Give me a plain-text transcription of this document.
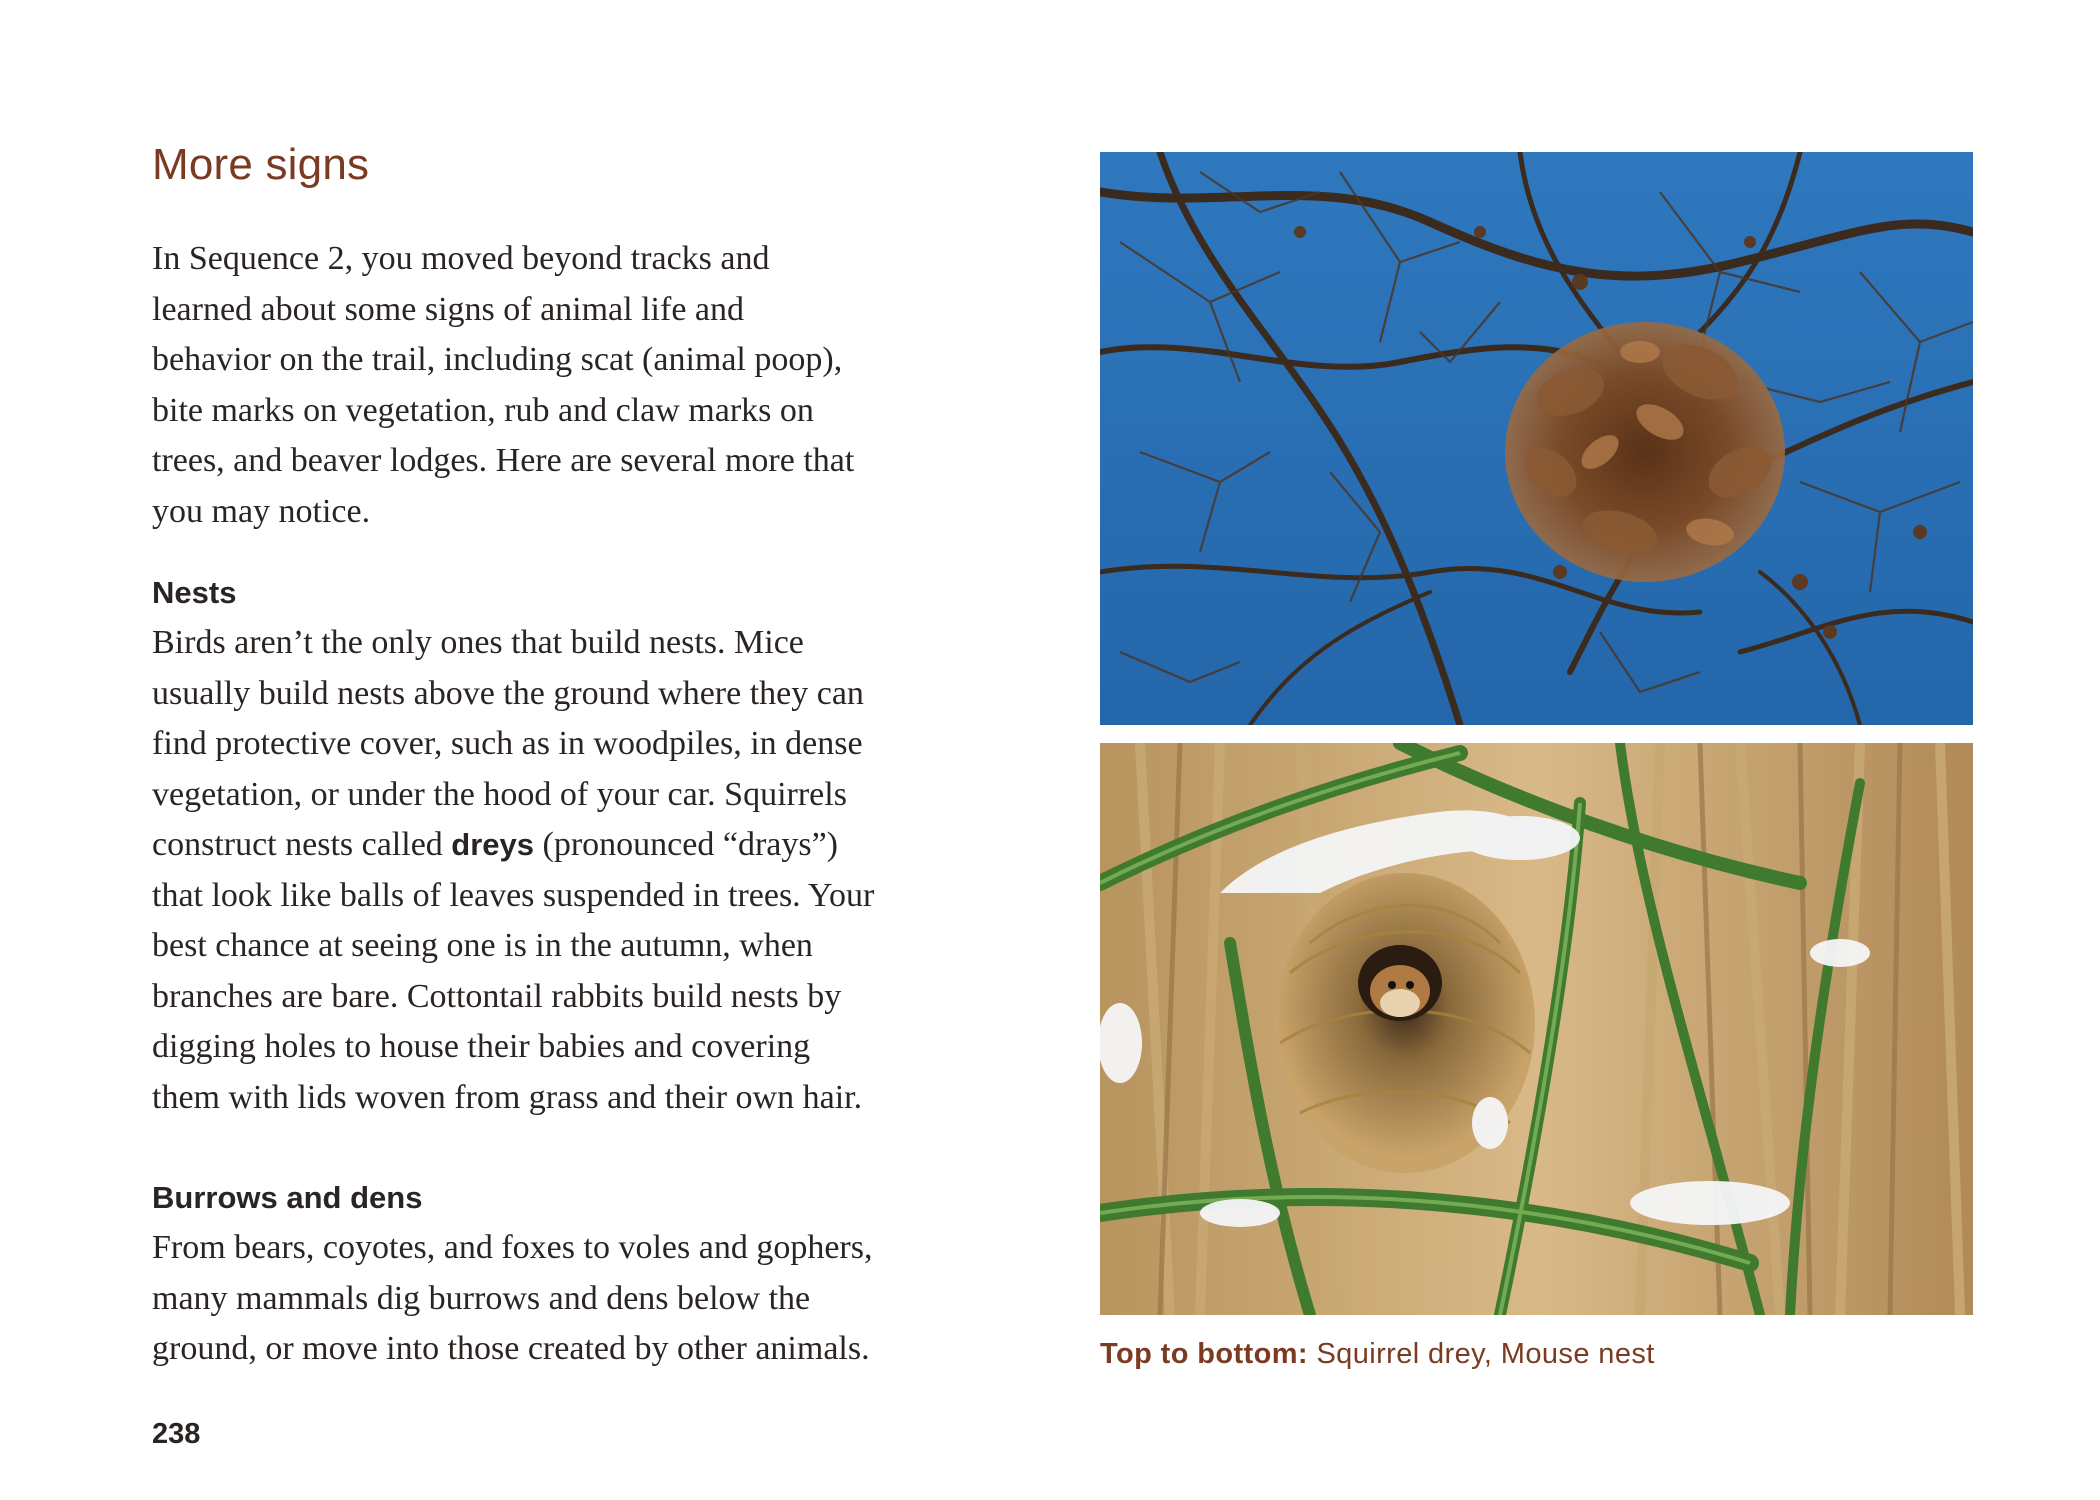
More signs

In Sequence 2, you moved beyond tracks and
learned about some signs of animal life and
behavior on the trail, including scat (animal poop),
bite marks on vegetation, rub and claw marks on
trees, and beaver lodges. Here are several more that
you may notice.

Nests

Birds aren’t the only ones that build nests. Mice
usually build nests above the ground where they can
find protective cover, such as in woodpiles, in dense
vegetation, or under the hood of your car. Squirrels
construct nests called dreys (pronounced “drays”)
that look like balls of leaves suspended in trees. Your
best chance at seeing one is in the autumn, when
branches are bare. Cottontail rabbits build nests by
digging holes to house their babies and covering
them with lids woven from grass and their own hair.

Burrows and dens

From bears, coyotes, and foxes to voles and gophers,
many mammals dig burrows and dens below the
ground, or move into those created by other animals.

238

Top to bottom: Squirrel drey, Mouse nest
